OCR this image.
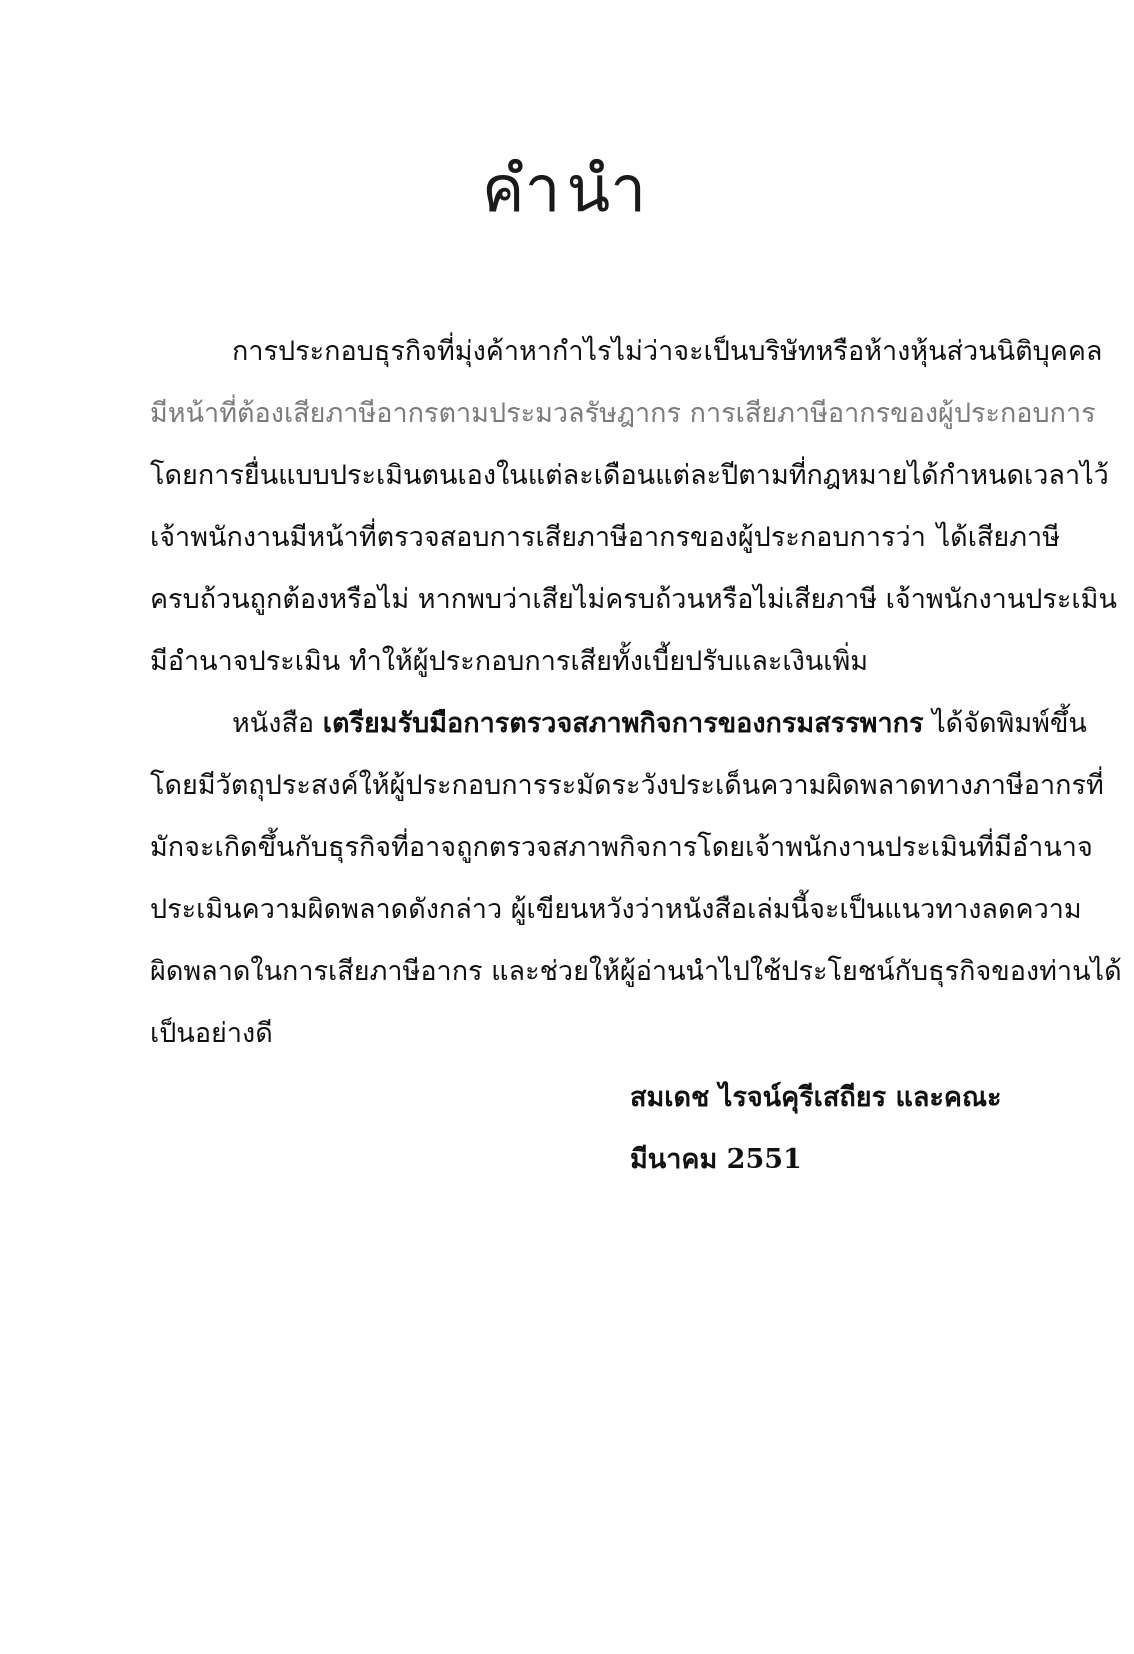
คำนำ
การประกอบธุรกิจที่มุ่งค้าหากำไรไม่ว่าจะเป็นบริษัทหรือห้างหุ้นส่วนนิติบุคคล
มีหน้าที่ต้องเสียภาษีอากรตามประมวลรัษฎากร การเสียภาษีอากรของผู้ประกอบการ
โดยการยื่นแบบประเมินตนเองในแต่ละเดือนแต่ละปีตามที่กฎหมายได้กำหนดเวลาไว้
เจ้าพนักงานมีหน้าที่ตรวจสอบการเสียภาษีอากรของผู้ประกอบการว่า ได้เสียภาษี
ครบถ้วนถูกต้องหรือไม่ หากพบว่าเสียไม่ครบถ้วนหรือไม่เสียภาษี เจ้าพนักงานประเมิน
มีอำนาจประเมิน ทำให้ผู้ประกอบการเสียทั้งเบี้ยปรับและเงินเพิ่ม
หนังสือ เตรียมรับมือการตรวจสภาพกิจการของกรมสรรพากร ได้จัดพิมพ์ขึ้น
โดยมีวัตถุประสงค์ให้ผู้ประกอบการระมัดระวังประเด็นความผิดพลาดทางภาษีอากรที่
มักจะเกิดขึ้นกับธุรกิจที่อาจถูกตรวจสภาพกิจการโดยเจ้าพนักงานประเมินที่มีอำนาจ
ประเมินความผิดพลาดดังกล่าว ผู้เขียนหวังว่าหนังสือเล่มนี้จะเป็นแนวทางลดความ
ผิดพลาดในการเสียภาษีอากร และช่วยให้ผู้อ่านนำไปใช้ประโยชน์กับธุรกิจของท่านได้
เป็นอย่างดี
สมเดช ไรจน์คุรีเสถียร และคณะ
มีนาคม 2551
